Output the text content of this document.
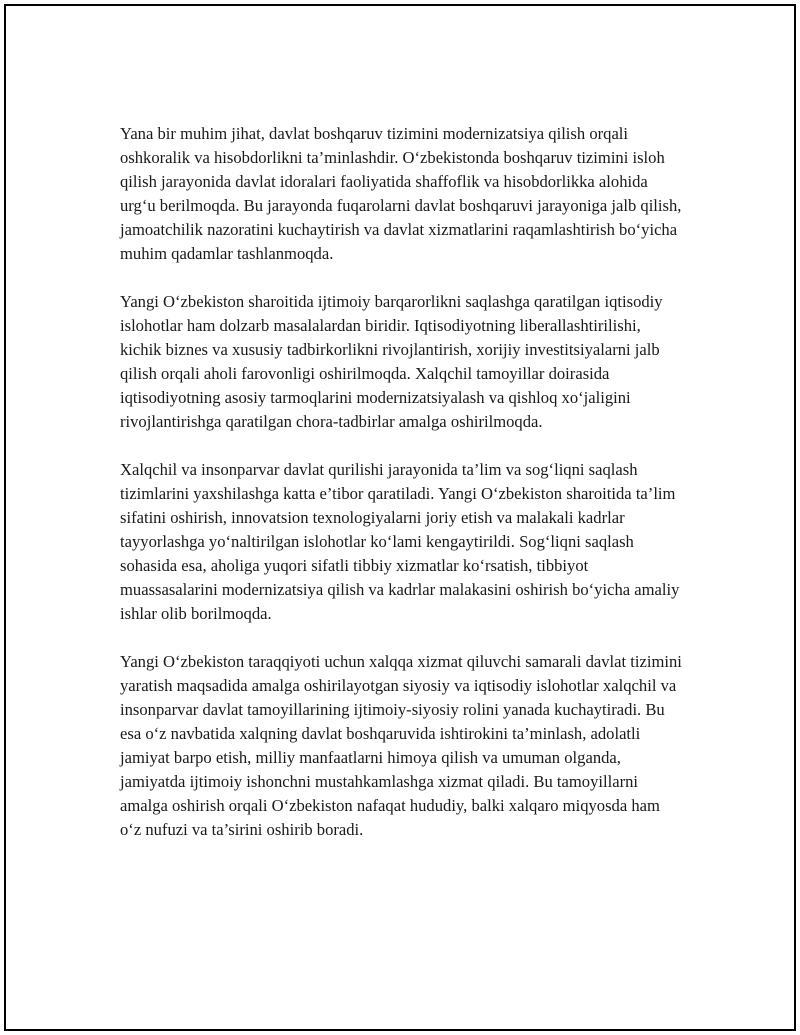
Yana bir muhim jihat, davlat boshqaruv tizimini modernizatsiya qilish orqali oshkoralik va hisobdorlikni ta’minlashdir. O‘zbekistonda boshqaruv tizimini isloh qilish jarayonida davlat idoralari faoliyatida shaffoflik va hisobdorlikka alohida urg‘u berilmoqda. Bu jarayonda fuqarolarni davlat boshqaruvi jarayoniga jalb qilish, jamoatchilik nazoratini kuchaytirish va davlat xizmatlarini raqamlashtirish bo‘yicha muhim qadamlar tashlanmoqda.

Yangi O‘zbekiston sharoitida ijtimoiy barqarorlikni saqlashga qaratilgan iqtisodiy islohotlar ham dolzarb masalalardan biridir. Iqtisodiyotning liberallashtirilishi, kichik biznes va xususiy tadbirkorlikni rivojlantirish, xorijiy investitsiyalarni jalb qilish orqali aholi farovonligi oshirilmoqda. Xalqchil tamoyillar doirasida iqtisodiyotning asosiy tarmoqlarini modernizatsiyalash va qishloq xo‘jaligini rivojlantirishga qaratilgan chora-tadbirlar amalga oshirilmoqda.

Xalqchil va insonparvar davlat qurilishi jarayonida ta’lim va sog‘liqni saqlash tizimlarini yaxshilashga katta e’tibor qaratiladi. Yangi O‘zbekiston sharoitida ta’lim sifatini oshirish, innovatsion texnologiyalarni joriy etish va malakali kadrlar tayyorlashga yo‘naltirilgan islohotlar ko‘lami kengaytirildi. Sog‘liqni saqlash sohasida esa, aholiga yuqori sifatli tibbiy xizmatlar ko‘rsatish, tibbiyot muassasalarini modernizatsiya qilish va kadrlar malakasini oshirish bo‘yicha amaliy ishlar olib borilmoqda.

Yangi O‘zbekiston taraqqiyoti uchun xalqqa xizmat qiluvchi samarali davlat tizimini yaratish maqsadida amalga oshirilayotgan siyosiy va iqtisodiy islohotlar xalqchil va insonparvar davlat tamoyillarining ijtimoiy-siyosiy rolini yanada kuchaytiradi. Bu esa o‘z navbatida xalqning davlat boshqaruvida ishtirokini ta’minlash, adolatli jamiyat barpo etish, milliy manfaatlarni himoya qilish va umuman olganda, jamiyatda ijtimoiy ishonchni mustahkamlashga xizmat qiladi. Bu tamoyillarni amalga oshirish orqali O‘zbekiston nafaqat hududiy, balki xalqaro miqyosda ham o‘z nufuzi va ta’sirini oshirib boradi.
